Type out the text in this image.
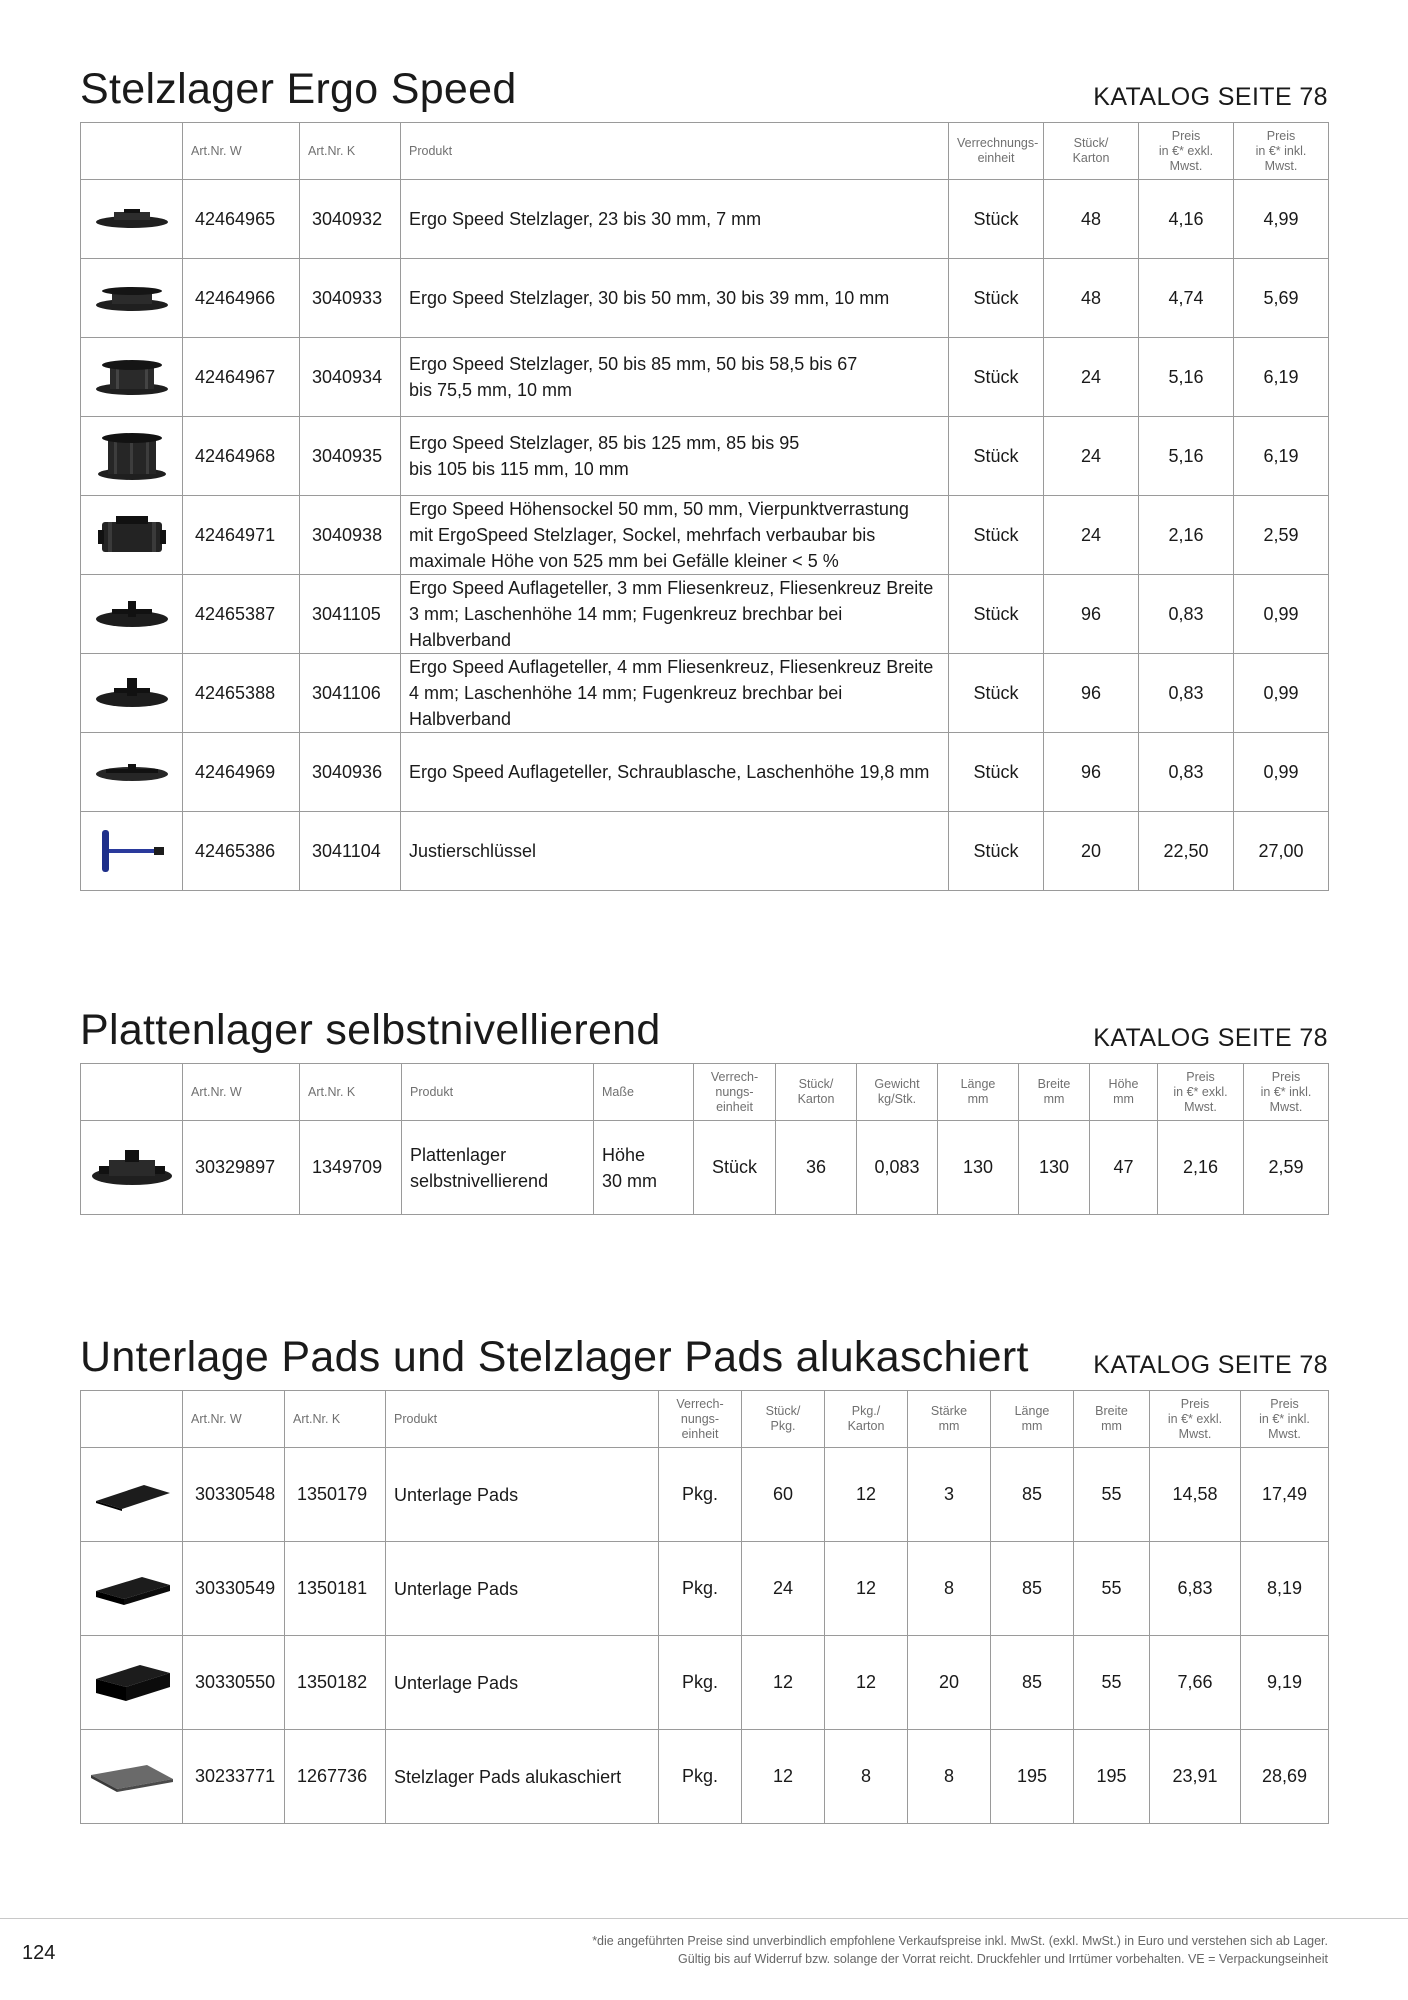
Stelzlager Ergo Speed	KATALOG SEITE 78
	Art.Nr. W	Art.Nr. K	Produkt	Verrechnungs-
einheit	Stück/
Karton	Preis
in €* exkl.
Mwst.	Preis
in €* inkl.
Mwst.

	42464965	3040932	Ergo Speed Stelzlager, 23 bis 30 mm, 7 mm	Stück	48	4,16	4,99

	42464966	3040933	Ergo Speed Stelzlager, 30 bis 50 mm, 30 bis 39 mm, 10 mm	Stück	48	4,74	5,69

	42464967	3040934	Ergo Speed Stelzlager, 50 bis 85 mm, 50 bis 58,5 bis 67
bis 75,5 mm, 10 mm	Stück	24	5,16	6,19

	42464968	3040935	Ergo Speed Stelzlager, 85 bis 125 mm, 85 bis 95
bis 105 bis 115 mm, 10 mm	Stück	24	5,16	6,19

	42464971	3040938	Ergo Speed Höhensockel 50 mm, 50 mm, Vierpunktverrastung
mit ErgoSpeed Stelzlager, Sockel, mehrfach verbaubar bis
maximale Höhe von 525 mm bei Gefälle kleiner < 5 %	Stück	24	2,16	2,59

	42465387	3041105	Ergo Speed Auflageteller, 3 mm Fliesenkreuz, Fliesenkreuz Breite
3 mm; Laschenhöhe 14 mm; Fugenkreuz brechbar bei Halbverband	Stück	96	0,83	0,99

	42465388	3041106	Ergo Speed Auflageteller, 4 mm Fliesenkreuz, Fliesenkreuz Breite
4 mm; Laschenhöhe 14 mm; Fugenkreuz brechbar bei Halbverband	Stück	96	0,83	0,99

	42464969	3040936	Ergo Speed Auflageteller, Schraublasche, Laschenhöhe 19,8 mm	Stück	96	0,83	0,99

	42465386	3041104	Justierschlüssel	Stück	20	22,50	27,00
Plattenlager selbstnivellierend	KATALOG SEITE 78
	Art.Nr. W	Art.Nr. K	Produkt	Maße	Verrech-
nungs-
einheit	Stück/
Karton	Gewicht
kg/Stk.	Länge
mm	Breite
mm	Höhe
mm	Preis
in €* exkl.
Mwst.	Preis
in €* inkl.
Mwst.

	30329897	1349709	Plattenlager
selbstnivellierend	Höhe
30 mm	Stück	36	0,083	130	130	47	2,16	2,59
Unterlage Pads und Stelzlager Pads alukaschiert	KATALOG SEITE 78
	Art.Nr. W	Art.Nr. K	Produkt	Verrech-
nungs-
einheit	Stück/
Pkg.	Pkg./
Karton	Stärke
mm	Länge
mm	Breite
mm	Preis
in €* exkl.
Mwst.	Preis
in €* inkl.
Mwst.

	30330548	1350179	Unterlage Pads	Pkg.	60	12	3	85	55	14,58	17,49

	30330549	1350181	Unterlage Pads	Pkg.	24	12	8	85	55	6,83	8,19

	30330550	1350182	Unterlage Pads	Pkg.	12	12	20	85	55	7,66	9,19

	30233771	1267736	Stelzlager Pads alukaschiert	Pkg.	12	8	8	195	195	23,91	28,69
124
*die angeführten Preise sind unverbindlich empfohlene Verkaufspreise inkl. MwSt. (exkl. MwSt.) in Euro und verstehen sich ab Lager.
Gültig bis auf Widerruf bzw. solange der Vorrat reicht. Druckfehler und Irrtümer vorbehalten. VE = Verpackungseinheit
